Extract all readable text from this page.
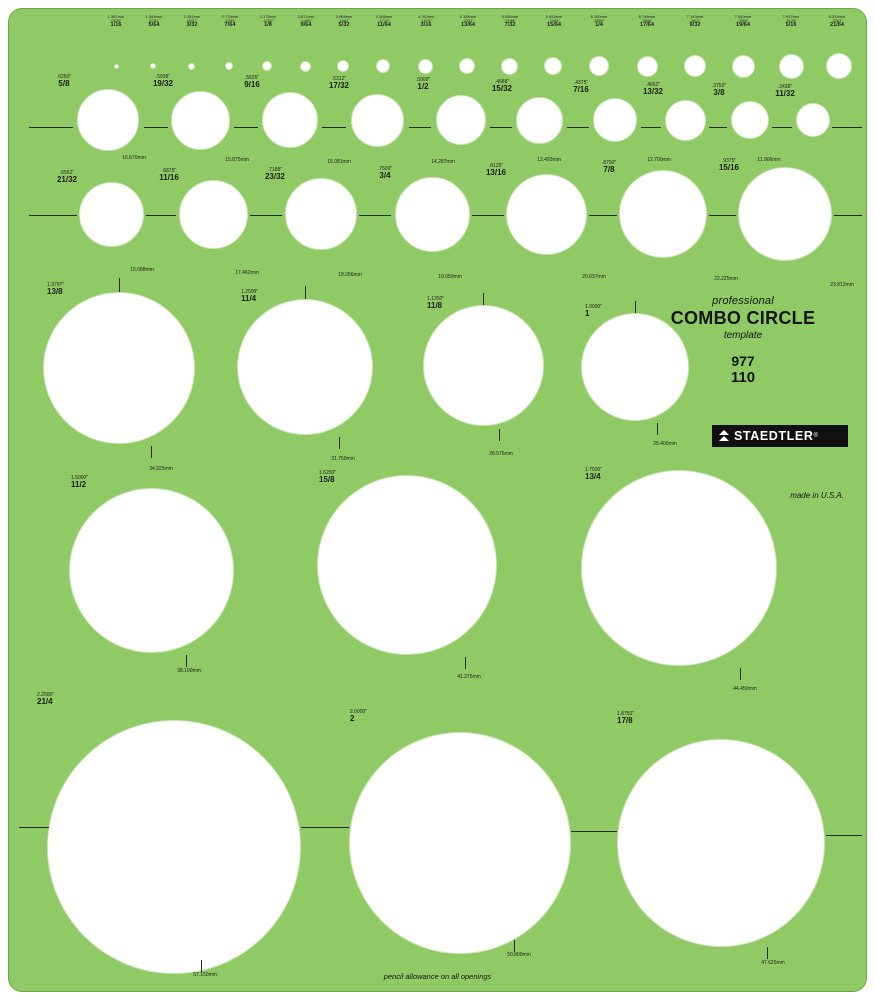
1.587mm
.0625"
1/16
1.984mm
.0781"
5/64
2.381mm
.0937"
3/32
2.778mm
.1094"
7/64
3.175mm
.1250"
1/8
3.571mm
.1406"
9/64
3.968mm
.1562"
5/32
4.366mm
.1719"
11/64
4.762mm
.1875"
3/16
5.159mm
.2031"
13/64
5.556mm
.2188"
7/32
5.953mm
.2344"
15/64
6.350mm
.2500"
1/4
6.746mm
.2656"
17/64
7.143mm
.2812"
9/32
7.540mm
.2969"
19/64
7.937mm
.3125"
5/16
8.334mm
.3281"
21/64
.6250"
5/8
.5938"
19/32
.5625"
9/16
.5312"
17/32
.5000"
1/2
.4688"
15/32
.4375"
7/16
.4062"
13/32
.3750"
3/8
.3438"
11/32
.6562"
21/32
.6875"
11/16
.7188"
23/32
.7500"
3/4
.8125"
13/16
.8750"
7/8
.9375"
15/16
16.670mm	15.875mm	15.081mm	14.287mm	13.493mm	12.700mm	11.906mm
15.088mm	17.462mm	18.256mm	19.050mm	20.637mm	22.225mm
23.812mm
1.3797"
13/8	1.2500"
11/4	1.1250"
11/8	1.0000"
1
34.925mm
31.750mm
28.575mm
25.400mm
1.5000"
11/2
1.6250"
15/8
1.7500"
13/4
38.100mm
41.275mm
44.450mm
2.2500"
21/4
2.0000"
2
1.8750"
17/8
57.150mm
50.800mm
47.625mm
professional
COMBO CIRCLE
template
977
110
STAEDTLER ®
made in U.S.A.
pencil allowance on all openings
